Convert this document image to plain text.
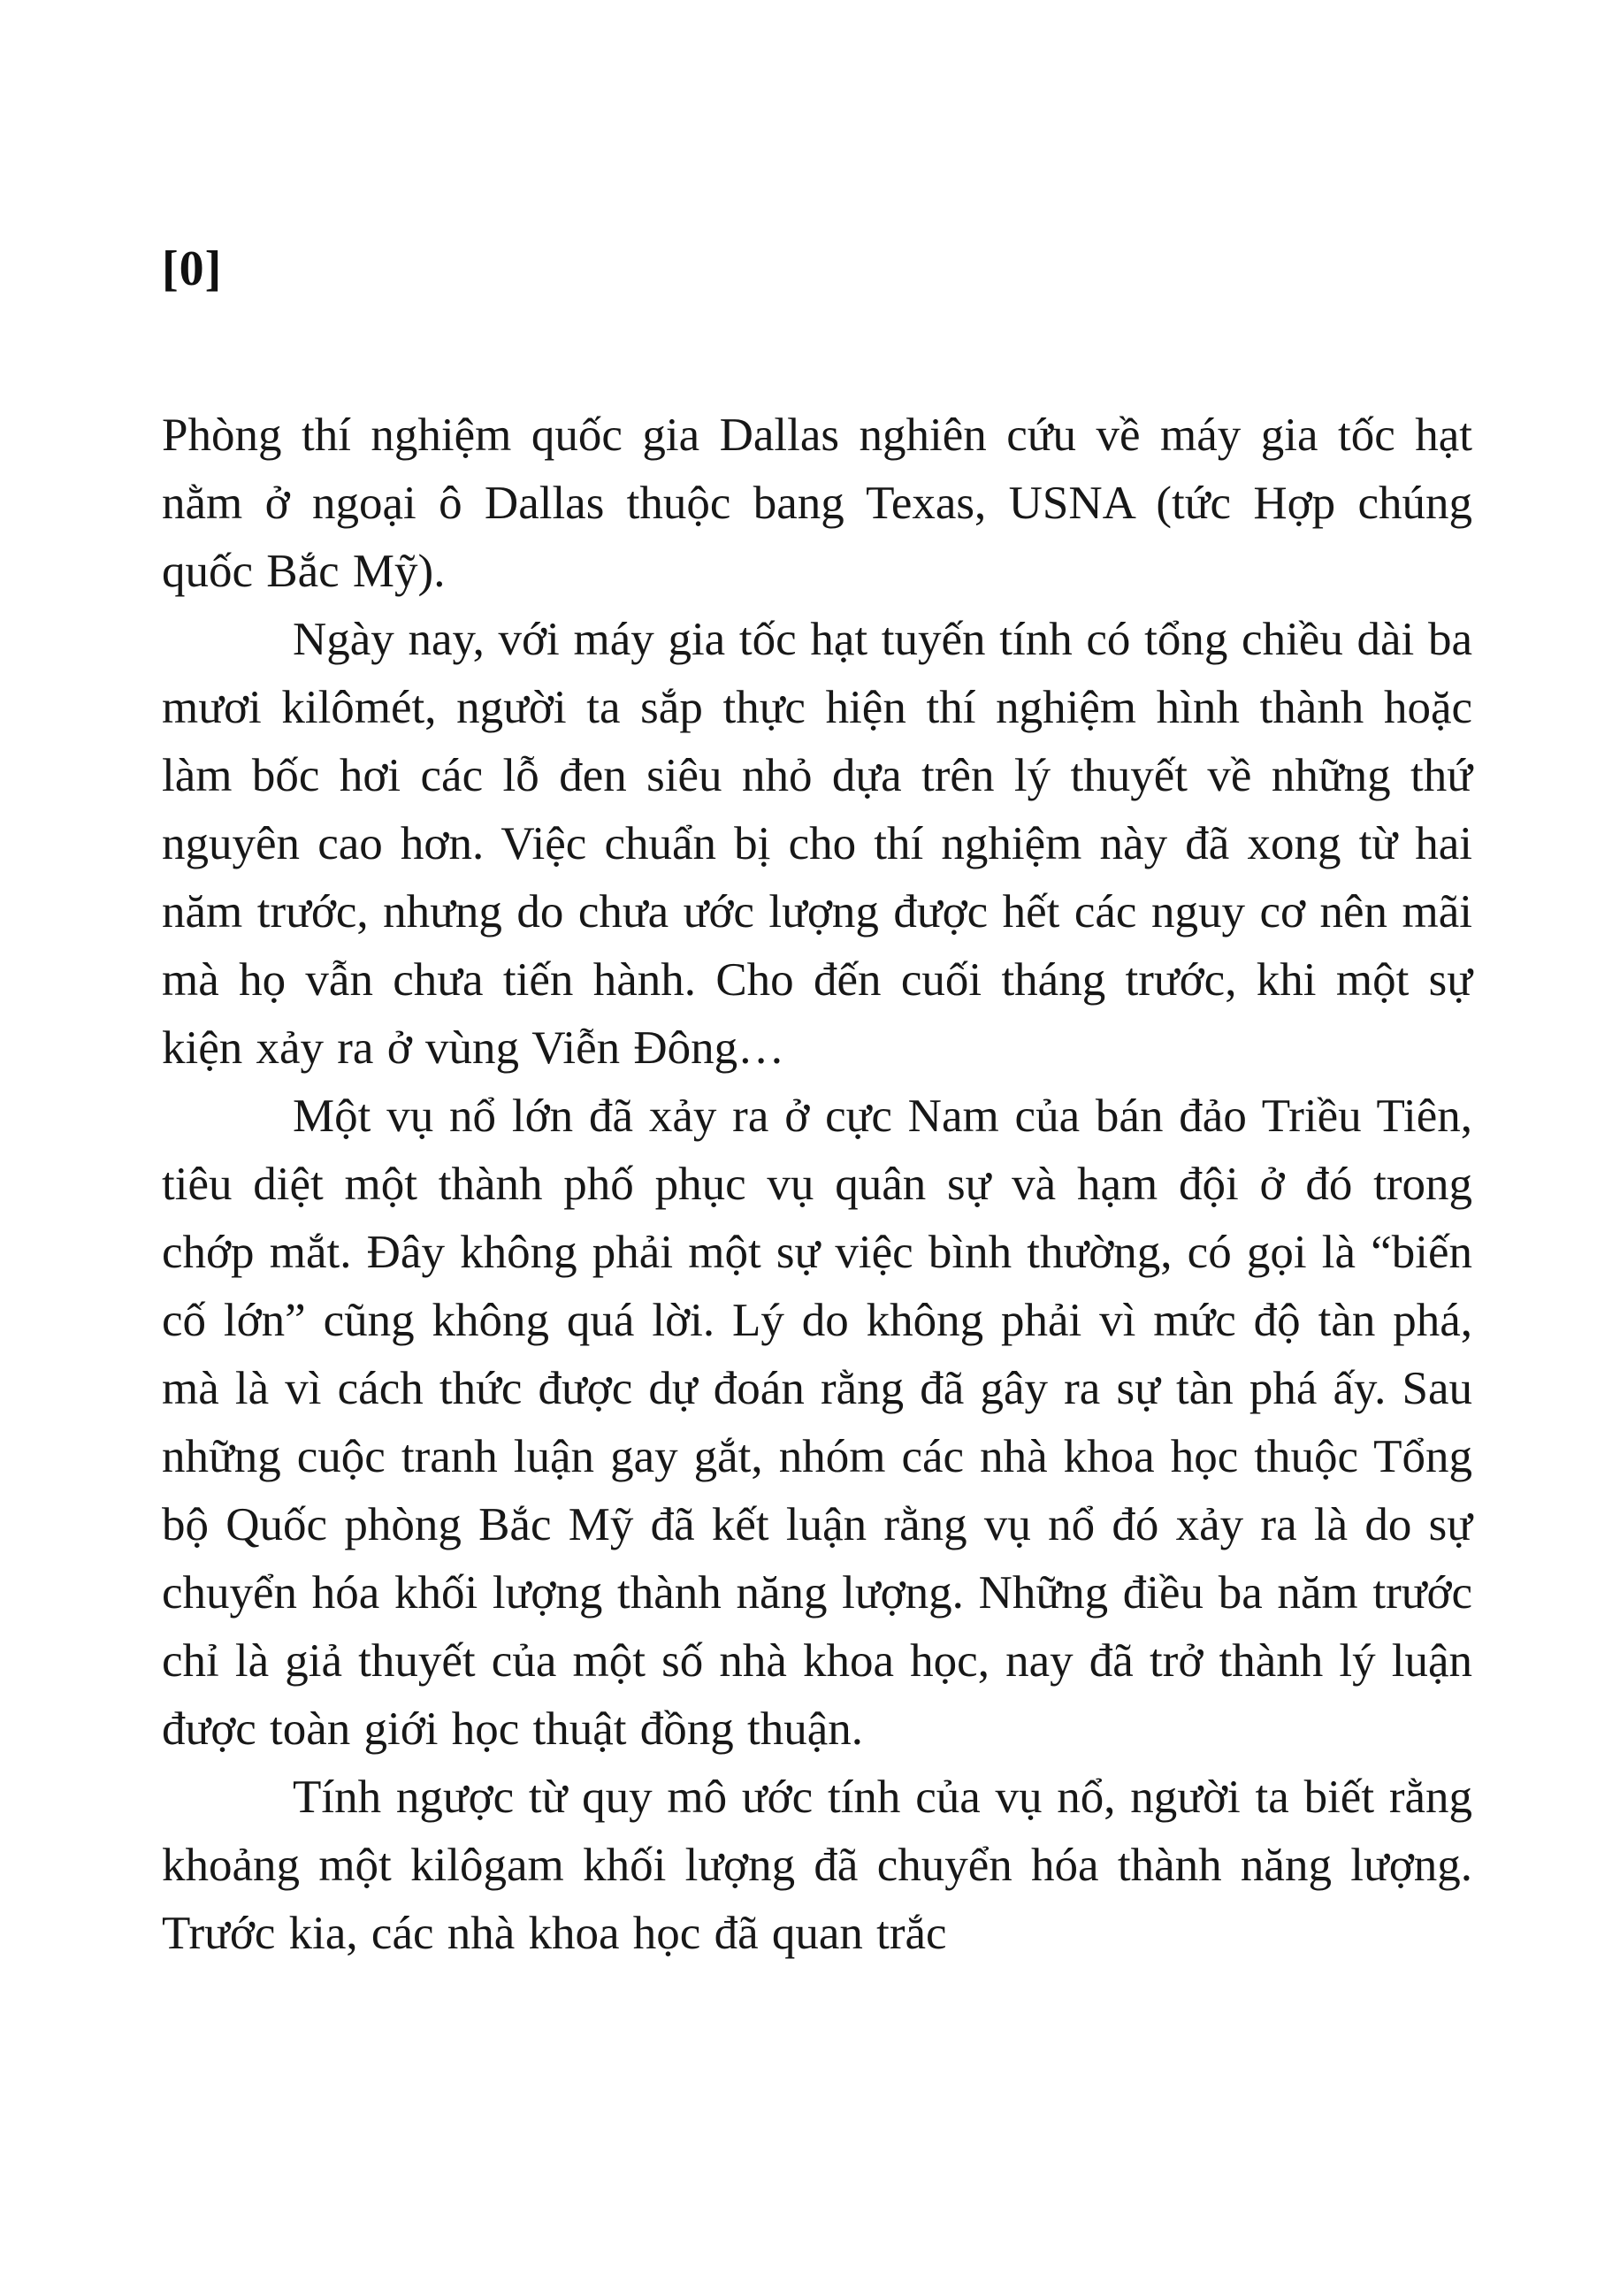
[0]

Phòng thí nghiệm quốc gia Dallas nghiên cứu về máy gia tốc hạt nằm ở ngoại ô Dallas thuộc bang Texas, USNA (tức Hợp chúng quốc Bắc Mỹ).

Ngày nay, với máy gia tốc hạt tuyến tính có tổng chiều dài ba mươi kilômét, người ta sắp thực hiện thí nghiệm hình thành hoặc làm bốc hơi các lỗ đen siêu nhỏ dựa trên lý thuyết về những thứ nguyên cao hơn. Việc chuẩn bị cho thí nghiệm này đã xong từ hai năm trước, nhưng do chưa ước lượng được hết các nguy cơ nên mãi mà họ vẫn chưa tiến hành. Cho đến cuối tháng trước, khi một sự kiện xảy ra ở vùng Viễn Đông…

Một vụ nổ lớn đã xảy ra ở cực Nam của bán đảo Triều Tiên, tiêu diệt một thành phố phục vụ quân sự và hạm đội ở đó trong chớp mắt. Đây không phải một sự việc bình thường, có gọi là “biến cố lớn” cũng không quá lời. Lý do không phải vì mức độ tàn phá, mà là vì cách thức được dự đoán rằng đã gây ra sự tàn phá ấy. Sau những cuộc tranh luận gay gắt, nhóm các nhà khoa học thuộc Tổng bộ Quốc phòng Bắc Mỹ đã kết luận rằng vụ nổ đó xảy ra là do sự chuyển hóa khối lượng thành năng lượng. Những điều ba năm trước chỉ là giả thuyết của một số nhà khoa học, nay đã trở thành lý luận được toàn giới học thuật đồng thuận.

Tính ngược từ quy mô ước tính của vụ nổ, người ta biết rằng khoảng một kilôgam khối lượng đã chuyển hóa thành năng lượng. Trước kia, các nhà khoa học đã quan trắc
